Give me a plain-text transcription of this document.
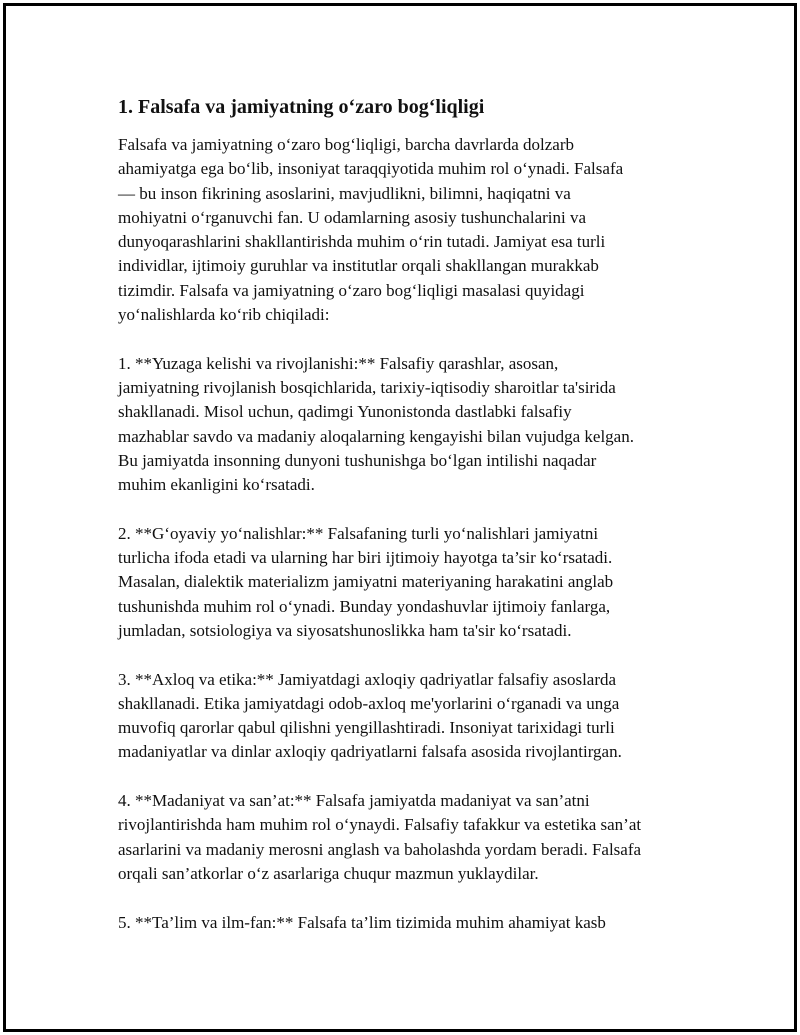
1. Falsafa va jamiyatning o‘zaro bog‘liqligi
Falsafa va jamiyatning o‘zaro bog‘liqligi, barcha davrlarda dolzarb
ahamiyatga ega bo‘lib, insoniyat taraqqiyotida muhim rol o‘ynadi. Falsafa
— bu inson fikrining asoslarini, mavjudlikni, bilimni, haqiqatni va
mohiyatni o‘rganuvchi fan. U odamlarning asosiy tushunchalarini va
dunyoqarashlarini shakllantirishda muhim o‘rin tutadi. Jamiyat esa turli
individlar, ijtimoiy guruhlar va institutlar orqali shakllangan murakkab
tizimdir. Falsafa va jamiyatning o‘zaro bog‘liqligi masalasi quyidagi
yo‘nalishlarda ko‘rib chiqiladi:
1. **Yuzaga kelishi va rivojlanishi:** Falsafiy qarashlar, asosan,
jamiyatning rivojlanish bosqichlarida, tarixiy-iqtisodiy sharoitlar ta'sirida
shakllanadi. Misol uchun, qadimgi Yunonistonda dastlabki falsafiy
mazhablar savdo va madaniy aloqalarning kengayishi bilan vujudga kelgan.
Bu jamiyatda insonning dunyoni tushunishga bo‘lgan intilishi naqadar
muhim ekanligini ko‘rsatadi.
2. **G‘oyaviy yo‘nalishlar:** Falsafaning turli yo‘nalishlari jamiyatni
turlicha ifoda etadi va ularning har biri ijtimoiy hayotga ta’sir ko‘rsatadi.
Masalan, dialektik materializm jamiyatni materiyaning harakatini anglab
tushunishda muhim rol o‘ynadi. Bunday yondashuvlar ijtimoiy fanlarga,
jumladan, sotsiologiya va siyosatshunoslikka ham ta'sir ko‘rsatadi.
3. **Axloq va etika:** Jamiyatdagi axloqiy qadriyatlar falsafiy asoslarda
shakllanadi. Etika jamiyatdagi odob-axloq me'yorlarini o‘rganadi va unga
muvofiq qarorlar qabul qilishni yengillashtiradi. Insoniyat tarixidagi turli
madaniyatlar va dinlar axloqiy qadriyatlarni falsafa asosida rivojlantirgan.
4. **Madaniyat va san’at:** Falsafa jamiyatda madaniyat va san’atni
rivojlantirishda ham muhim rol o‘ynaydi. Falsafiy tafakkur va estetika san’at
asarlarini va madaniy merosni anglash va baholashda yordam beradi. Falsafa
orqali san’atkorlar o‘z asarlariga chuqur mazmun yuklaydilar.
5. **Ta’lim va ilm-fan:** Falsafa ta’lim tizimida muhim ahamiyat kasb
